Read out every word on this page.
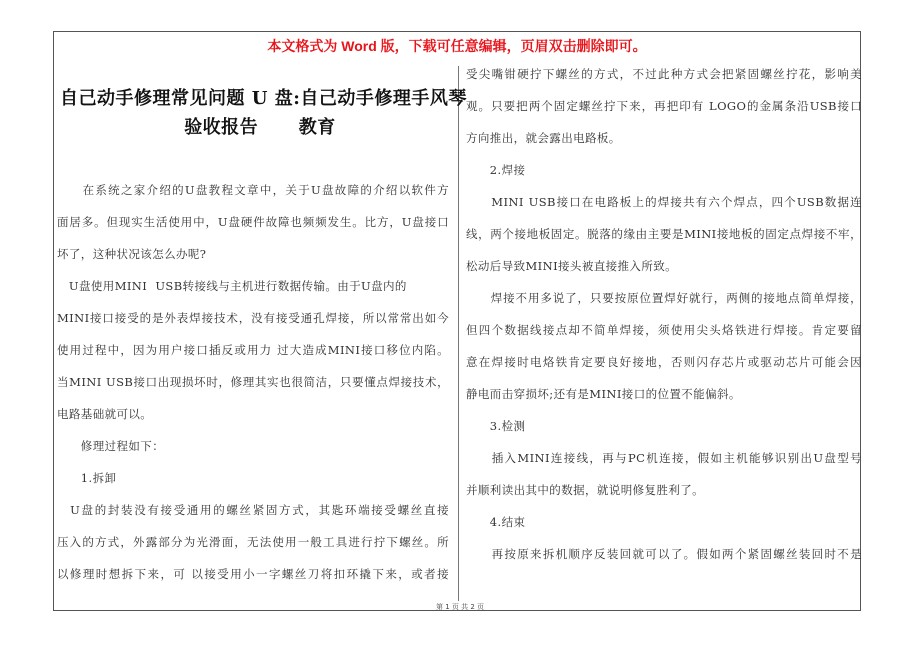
本文格式为 Word 版，下载可任意编辑，页眉双击删除即可。
自己动手修理常见问题 U 盘:自己动手修理手风琴
验收报告      教育
　　在系统之家介绍的U盘教程文章中，关于U盘故障的介绍以软件方
面居多。但现实生活使用中，U盘硬件故障也频频发生。比方，U盘接口
坏了，这种状况该怎么办呢?
　U盘使用MINI  USB转接线与主机进行数据传输。由于U盘内的
MINI接口接受的是外表焊接技术，没有接受通孔焊接，所以常常出如今
使用过程中，因为用户接口插反或用力 过大造成MINI接口移位内陷。
当MINI USB接口出现损坏时，修理其实也很简洁，只要懂点焊接技术，
电路基础就可以。
　　修理过程如下：
　　1.拆卸
　U盘的封装没有接受通用的螺丝紧固方式，其匙环端接受螺丝直接
压入的方式，外露部分为光滑面，无法使用一般工具进行拧下螺丝。所
以修理时想拆下来，可 以接受用小一字螺丝刀将扣环撬下来，或者接
受尖嘴钳硬拧下螺丝的方式，不过此种方式会把紧固螺丝拧花，影响美
观。只要把两个固定螺丝拧下来，再把印有 LOGO的金属条沿USB接口
方向推出，就会露出电路板。
　　2.焊接
　　MINI USB接口在电路板上的焊接共有六个焊点，四个USB数据连
线，两个接地板固定。脱落的缘由主要是MINI接地板的固定点焊接不牢，
松动后导致MINI接头被直接推入所致。
　　焊接不用多说了，只要按原位置焊好就行，两侧的接地点简单焊接，
但四个数据线接点却不简单焊接，须使用尖头烙铁进行焊接。肯定要留
意在焊接时电烙铁肯定要良好接地，否则闪存芯片或驱动芯片可能会因
静电而击穿损坏;还有是MINI接口的位置不能偏斜。
　　3.检测
　　插入MINI连接线，再与PC机连接，假如主机能够识别出U盘型号
并顺利读出其中的数据，就说明修复胜利了。
　　4.结束
　　再按原来拆机顺序反装回就可以了。假如两个紧固螺丝装回时不是
第 1 页 共 2 页
